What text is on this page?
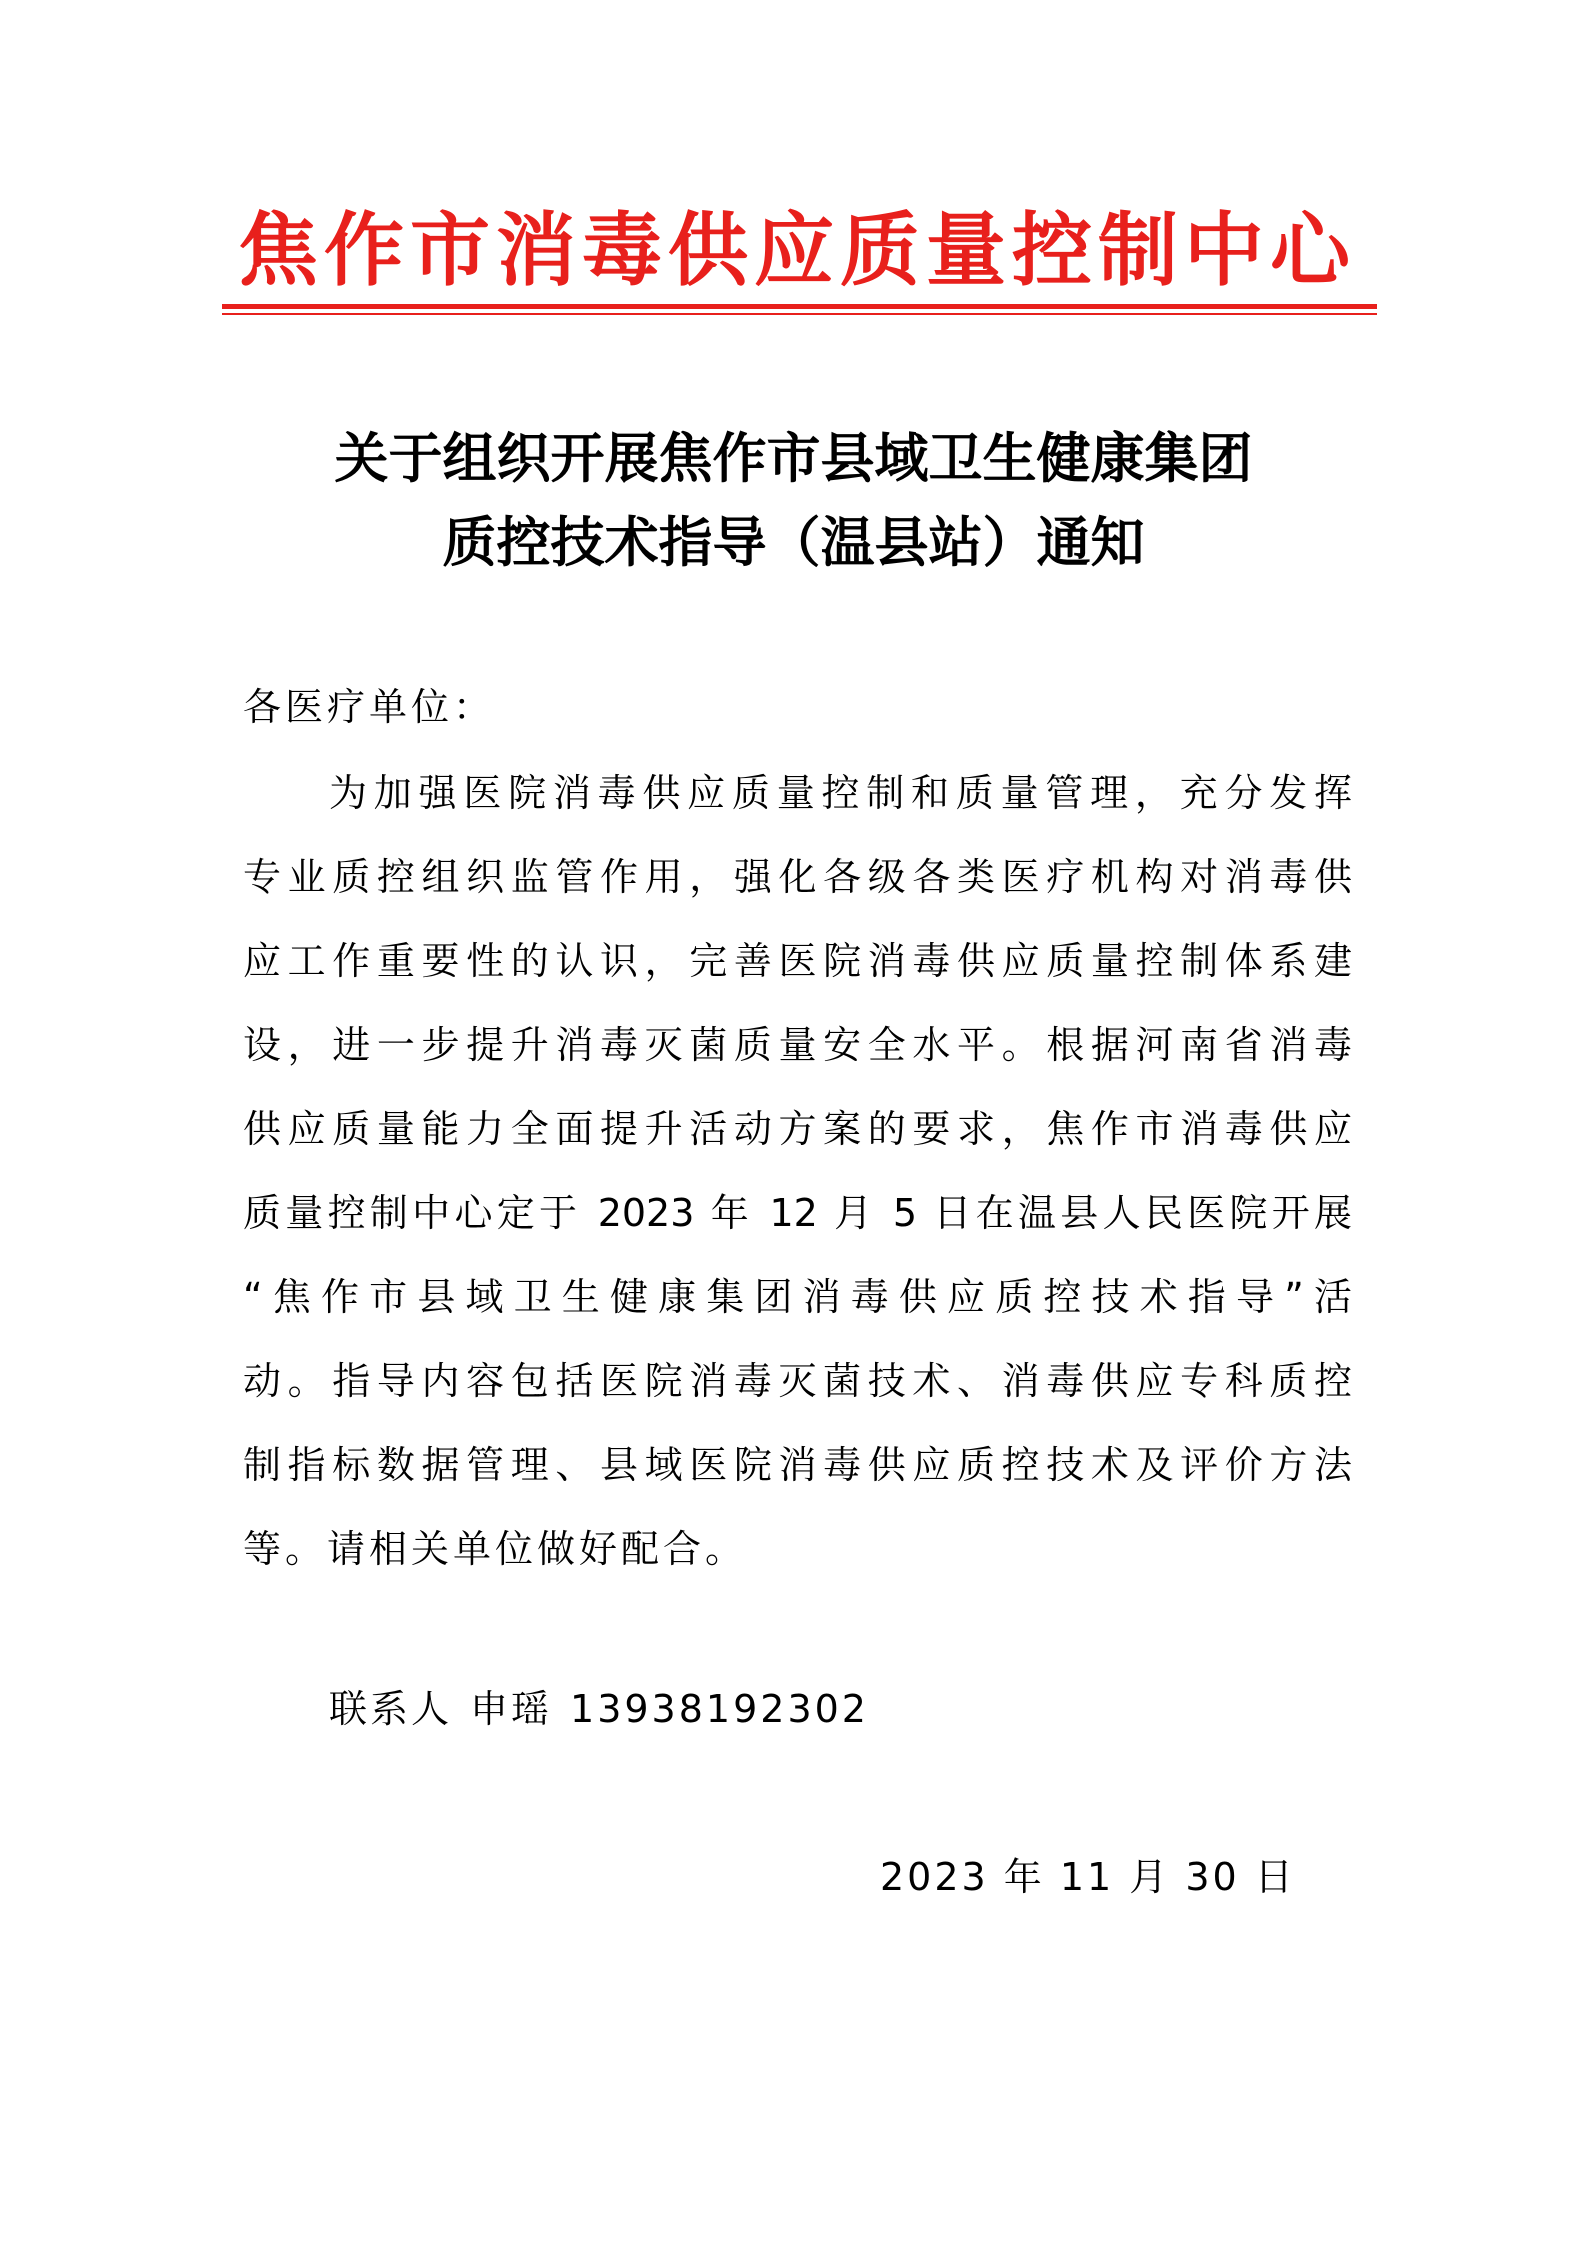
焦作市消毒供应质量控制中心
关于组织开展焦作市县域卫生健康集团
质控技术指导（温县站）通知
各医疗单位：
为加强医院消毒供应质量控制和质量管理，充分发挥
专业质控组织监管作用，强化各级各类医疗机构对消毒供
应工作重要性的认识，完善医院消毒供应质量控制体系建
设，进一步提升消毒灭菌质量安全水平。根据河南省消毒
供应质量能力全面提升活动方案的要求，焦作市消毒供应
质量控制中心定于 2023 年 12 月 5 日在温县人民医院开展
“焦作市县域卫生健康集团消毒供应质控技术指导”活
动。指导内容包括医院消毒灭菌技术、消毒供应专科质控
制指标数据管理、县域医院消毒供应质控技术及评价方法
等。请相关单位做好配合。
联系人 申瑶 13938192302
2023 年 11 月 30 日
